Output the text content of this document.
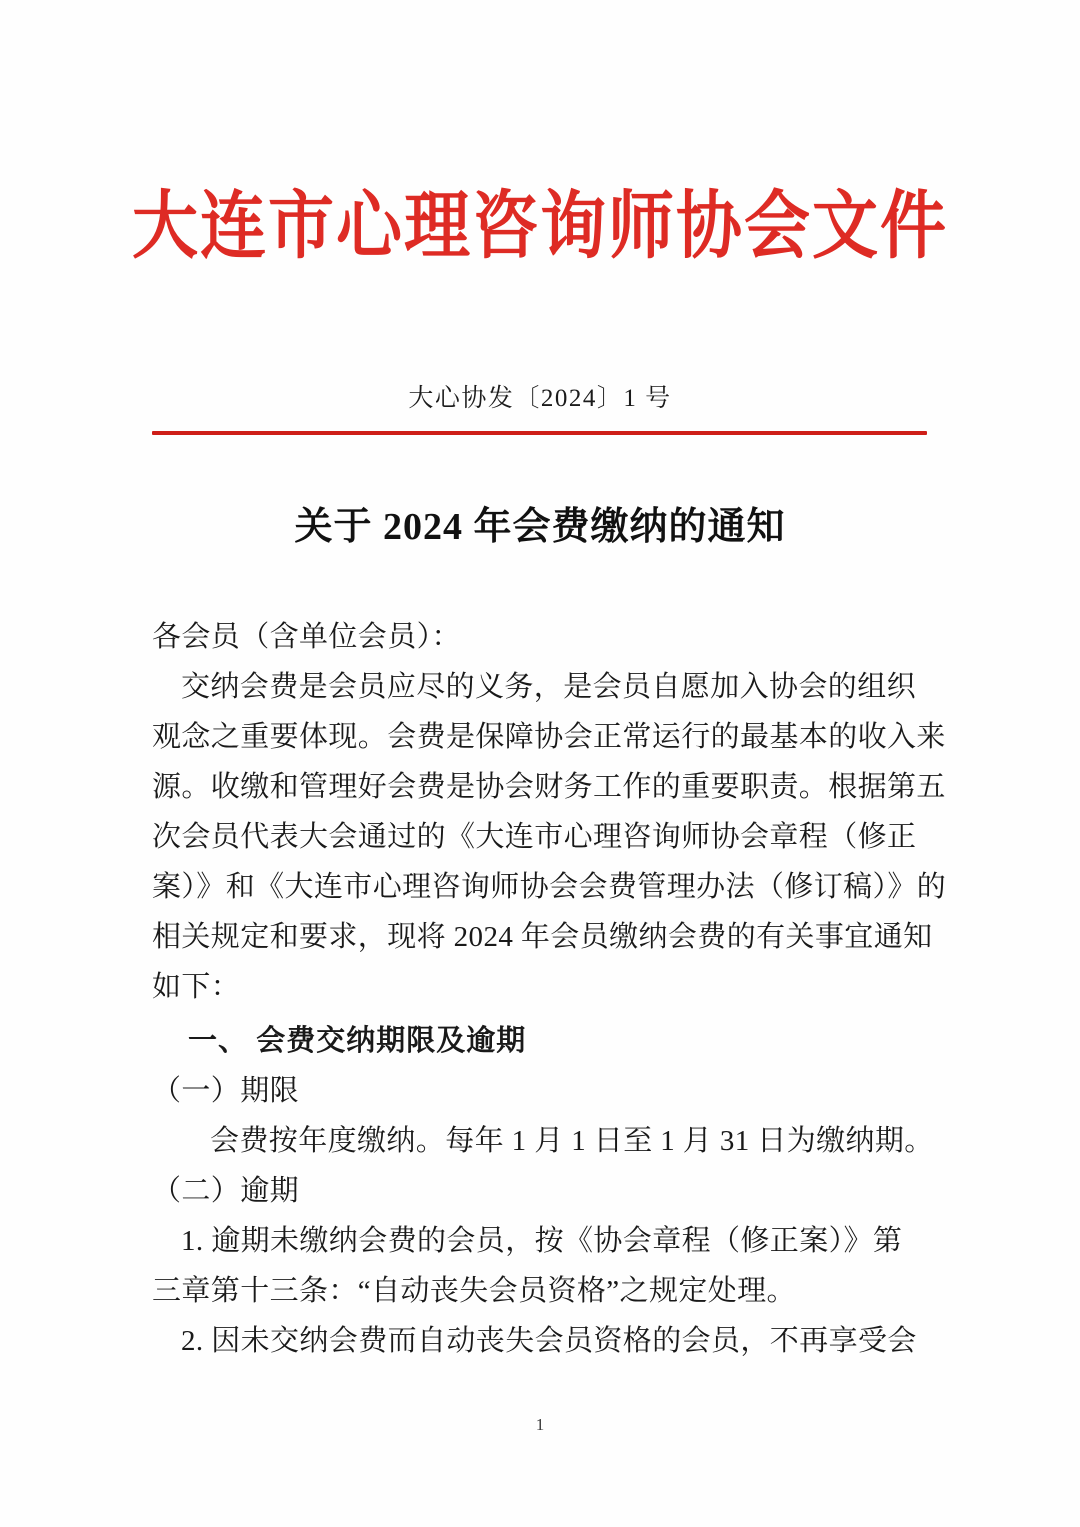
大连市心理咨询师协会文件
大心协发〔2024〕1 号
关于 2024 年会费缴纳的通知
各会员（含单位会员）：
交纳会费是会员应尽的义务，是会员自愿加入协会的组织
观念之重要体现。会费是保障协会正常运行的最基本的收入来
源。收缴和管理好会费是协会财务工作的重要职责。根据第五
次会员代表大会通过的《大连市心理咨询师协会章程（修正
案）》和《大连市心理咨询师协会会费管理办法（修订稿）》的
相关规定和要求，现将 2024 年会员缴纳会费的有关事宜通知
如下：
一、 会费交纳期限及逾期
（一）期限
会费按年度缴纳。每年 1 月 1 日至 1 月 31 日为缴纳期。
（二）逾期
1. 逾期未缴纳会费的会员，按《协会章程（修正案）》第
三章第十三条：“自动丧失会员资格”之规定处理。
2. 因未交纳会费而自动丧失会员资格的会员，不再享受会
1
